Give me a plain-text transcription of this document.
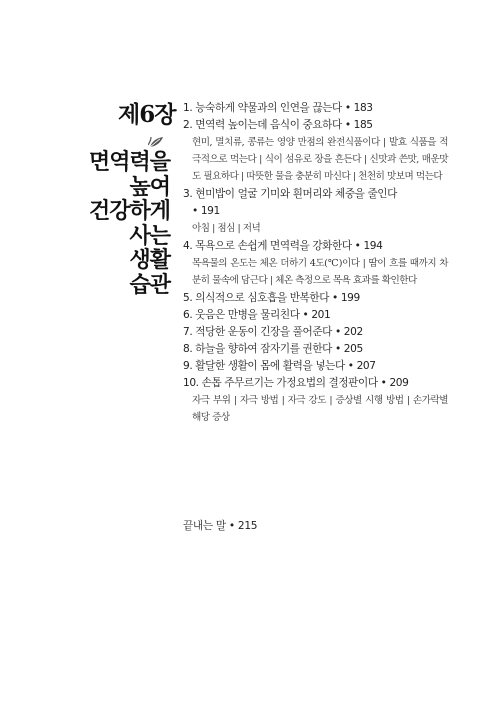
제6장
면역력을
높여
건강하게
사는
생활
습관
1. 능숙하게 약물과의 인연을 끊는다 • 183
2. 면역력 높이는데 음식이 중요하다 • 185
현미, 멸치류, 콩류는 영양 만점의 완전식품이다 | 발효 식품을 적극적으로 먹는다 | 식이 섬유로 장을 흔든다 | 신맛과 쓴맛, 매운맛도 필요하다 | 따뜻한 물을 충분히 마신다 | 천천히 맛보며 먹는다
3. 현미밥이 얼굴 기미와 흰머리와 체중을 줄인다
• 191
아침 | 점심 | 저녁
4. 목욕으로 손쉽게 면역력을 강화한다 • 194
목욕물의 온도는 체온 더하기 4도(℃)이다 | 땀이 흐를 때까지 차분히 물속에 담근다 | 체온 측정으로 목욕 효과를 확인한다
5. 의식적으로 심호흡을 반복한다 • 199
6. 웃음은 만병을 물리친다 • 201
7. 적당한 운동이 긴장을 풀어준다 • 202
8. 하늘을 향하여 잠자기를 권한다 • 205
9. 활달한 생활이 몸에 활력을 넣는다 • 207
10. 손톱 주무르기는 가정요법의 결정판이다 • 209
자극 부위 | 자극 방법 | 자극 강도 | 증상별 시행 방법 | 손가락별 해당 증상
끝내는 말 • 215
